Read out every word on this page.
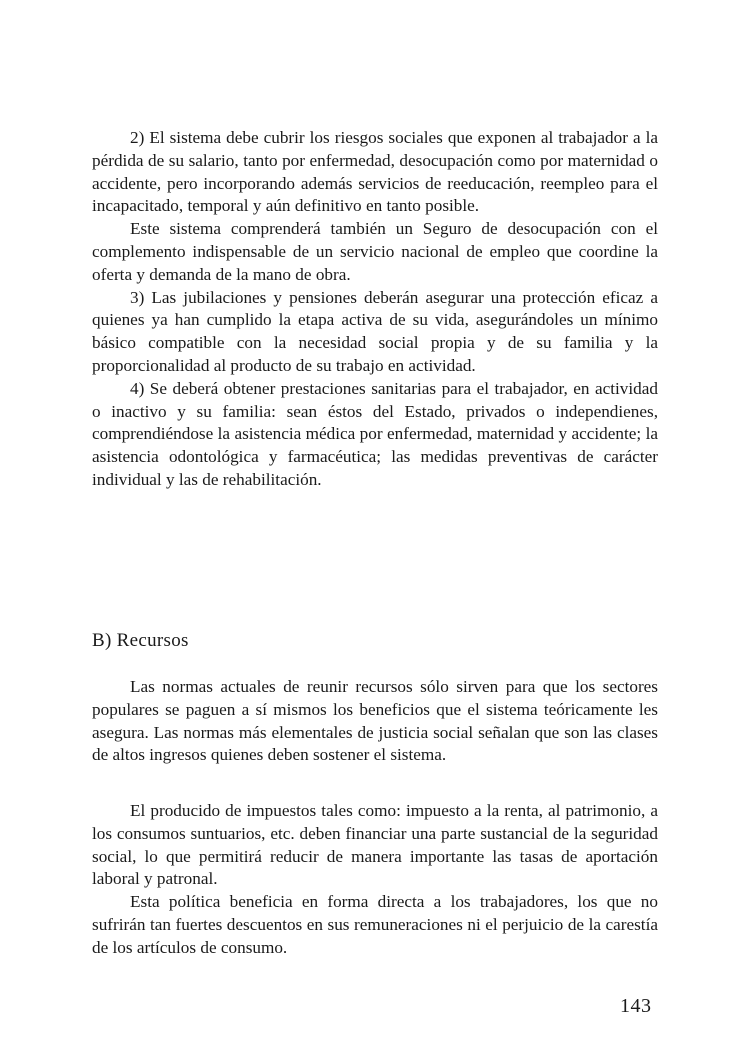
2) El sistema debe cubrir los riesgos sociales que exponen al trabajador a la pérdida de su salario, tanto por enfermedad, desocupación como por maternidad o accidente, pero incorporando además servicios de reeducación, reempleo para el incapacitado, temporal y aún definitivo en tanto posible.

Este sistema comprenderá también un Seguro de desocupación con el complemento indispensable de un servicio nacional de empleo que coordine la oferta y demanda de la mano de obra.

3) Las jubilaciones y pensiones deberán asegurar una protección eficaz a quienes ya han cumplido la etapa activa de su vida, asegurándoles un mínimo básico compatible con la necesidad social propia y de su familia y la proporcionalidad al producto de su trabajo en actividad.

4) Se deberá obtener prestaciones sanitarias para el trabajador, en actividad o inactivo y su familia: sean éstos del Estado, privados o independienes, comprendiéndose la asistencia médica por enfermedad, maternidad y accidente; la asistencia odontológica y farmacéutica; las medidas preventivas de carácter individual y las de rehabilitación.

B) Recursos

Las normas actuales de reunir recursos sólo sirven para que los sectores populares se paguen a sí mismos los beneficios que el sistema teóricamente les asegura. Las normas más elementales de justicia social señalan que son las clases de altos ingresos quienes deben sostener el sistema.

El producido de impuestos tales como: impuesto a la renta, al patrimonio, a los consumos suntuarios, etc. deben financiar una parte sustancial de la seguridad social, lo que permitirá reducir de manera importante las tasas de aportación laboral y patronal.

Esta política beneficia en forma directa a los trabajadores, los que no sufrirán tan fuertes descuentos en sus remuneraciones ni el perjuicio de la carestía de los artículos de consumo.

143
